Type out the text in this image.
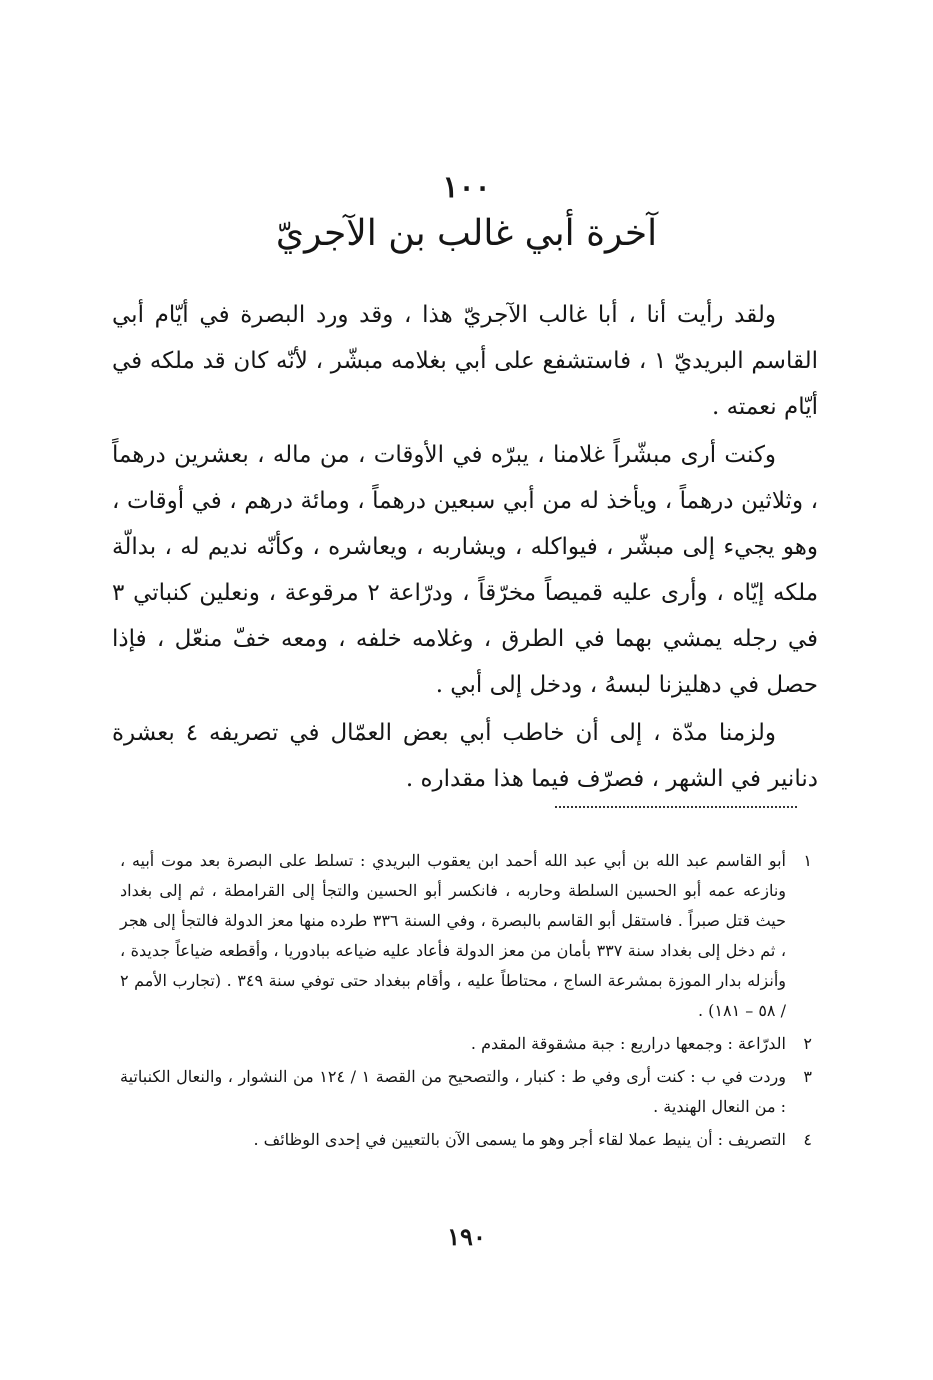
١٠٠
آخرة أبي غالب بن الآجريّ

ولقد رأيت أنا ، أبا غالب الآجريّ هذا ، وقد ورد البصرة في أيّام أبي القاسم البريديّ ١ ، فاستشفع على أبي بغلامه مبشّر ، لأنّه كان قد ملكه في أيّام نعمته .

وكنت أرى مبشّراً غلامنا ، يبرّه في الأوقات ، من ماله ، بعشرين درهماً ، وثلاثين درهماً ، ويأخذ له من أبي سبعين درهماً ، ومائة درهم ، في أوقات ، وهو يجيء إلى مبشّر ، فيواكله ، ويشاربه ، ويعاشره ، وكأنّه نديم له ، بدالّة ملكه إيّاه ، وأرى عليه قميصاً مخرّقاً ، ودرّاعة ٢ مرقوعة ، ونعلين كنباتي ٣ في رجله يمشي بهما في الطرق ، وغلامه خلفه ، ومعه خفّ منعّل ، فإذا حصل في دهليزنا لبسهُ ، ودخل إلى أبي .

ولزمنا مدّة ، إلى أن خاطب أبي بعض العمّال في تصريفه ٤ بعشرة دنانير في الشهر ، فصرّف فيما هذا مقداره .

١
أبو القاسم عبد الله بن أبي عبد الله أحمد ابن يعقوب البريدي : تسلط على البصرة بعد موت أبيه ، ونازعه عمه أبو الحسين السلطة وحاربه ، فانكسر أبو الحسين والتجأ إلى القرامطة ، ثم إلى بغداد حيث قتل صبراً . فاستقل أبو القاسم بالبصرة ، وفي السنة ٣٣٦ طرده منها معز الدولة فالتجأ إلى هجر ، ثم دخل إلى بغداد سنة ٣٣٧ بأمان من معز الدولة فأعاد عليه ضياعه ببادوريا ، وأقطعه ضياعاً جديدة ، وأنزله بدار الموزة بمشرعة الساج ، محتاطاً عليه ، وأقام ببغداد حتى توفي سنة ٣٤٩ . (تجارب الأمم ٢ / ٥٨ – ١٨١) .
٢
الدرّاعة : وجمعها دراريع : جبة مشقوقة المقدم .
٣
وردت في ب : كنت أرى وفي ط : كنبار ، والتصحيح من القصة ١ / ١٢٤ من النشوار ، والنعال الكنباتية : من النعال الهندية .
٤
التصريف : أن ينيط عملا لقاء أجر وهو ما يسمى الآن بالتعيين في إحدى الوظائف .
١٩٠
